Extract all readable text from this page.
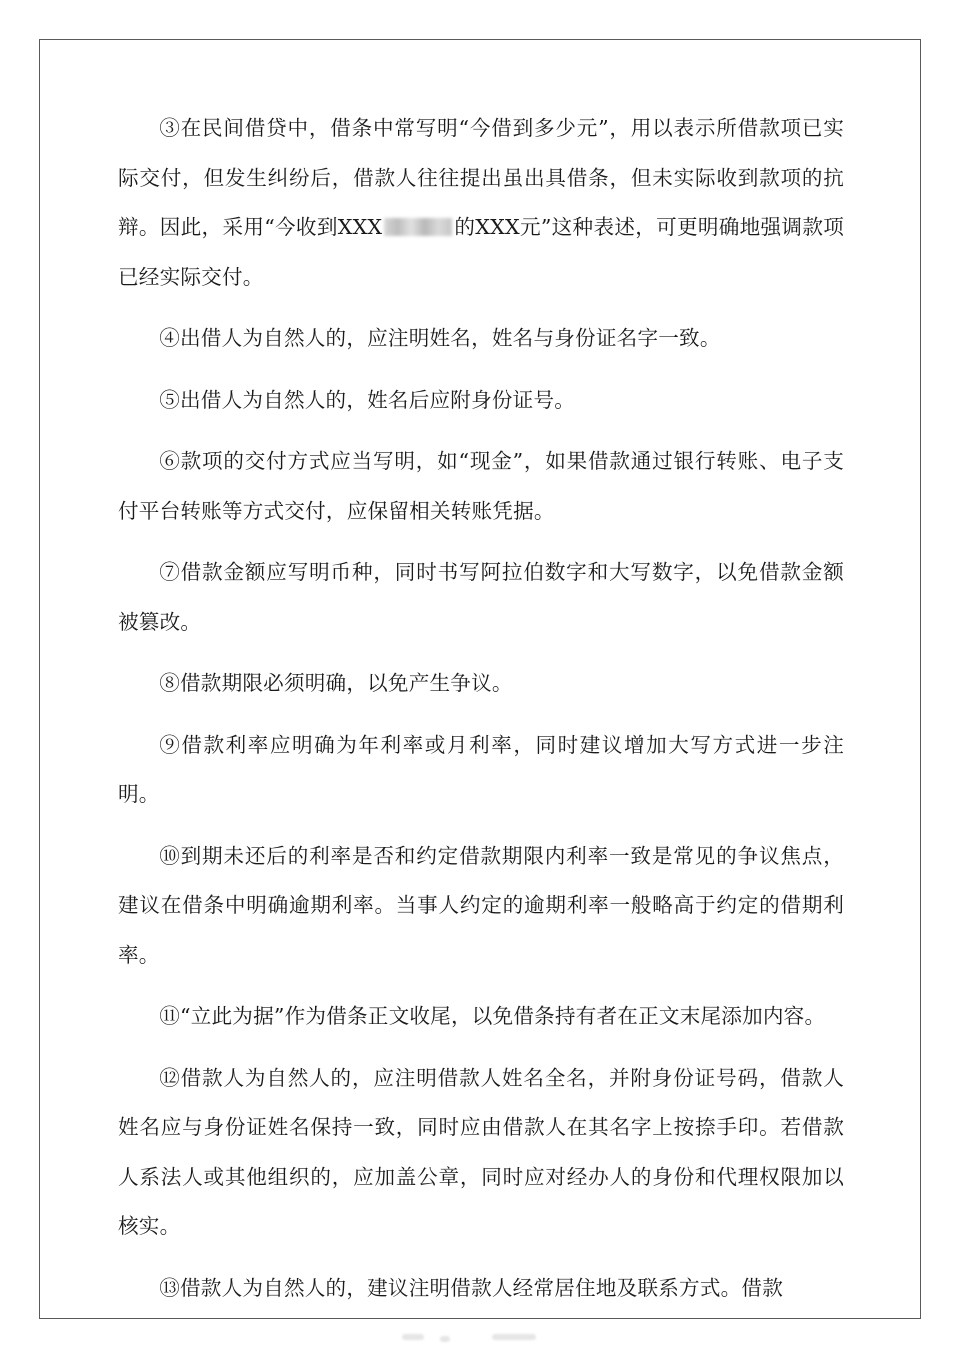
③在民间借贷中，借条中常写明“今借到多少元”，用以表示所借款项已实际交付，但发生纠纷后，借款人往往提出虽出具借条，但未实际收到款项的抗辩。因此，采用“今收到XXX	的XXX元”这种表述，可更明确地强调款项已经实际交付。

④出借人为自然人的，应注明姓名，姓名与身份证名字一致。

⑤出借人为自然人的，姓名后应附身份证号。

⑥款项的交付方式应当写明，如“现金”，如果借款通过银行转账、电子支付平台转账等方式交付，应保留相关转账凭据。

⑦借款金额应写明币种，同时书写阿拉伯数字和大写数字，以免借款金额被篡改。

⑧借款期限必须明确，以免产生争议。

⑨借款利率应明确为年利率或月利率，同时建议增加大写方式进一步注明。

⑩到期未还后的利率是否和约定借款期限内利率一致是常见的争议焦点，建议在借条中明确逾期利率。当事人约定的逾期利率一般略高于约定的借期利率。

⑪“立此为据”作为借条正文收尾，以免借条持有者在正文末尾添加内容。

⑫借款人为自然人的，应注明借款人姓名全名，并附身份证号码，借款人姓名应与身份证姓名保持一致，同时应由借款人在其名字上按捺手印。若借款人系法人或其他组织的，应加盖公章，同时应对经办人的身份和代理权限加以核实。

⑬借款人为自然人的，建议注明借款人经常居住地及联系方式。借款
